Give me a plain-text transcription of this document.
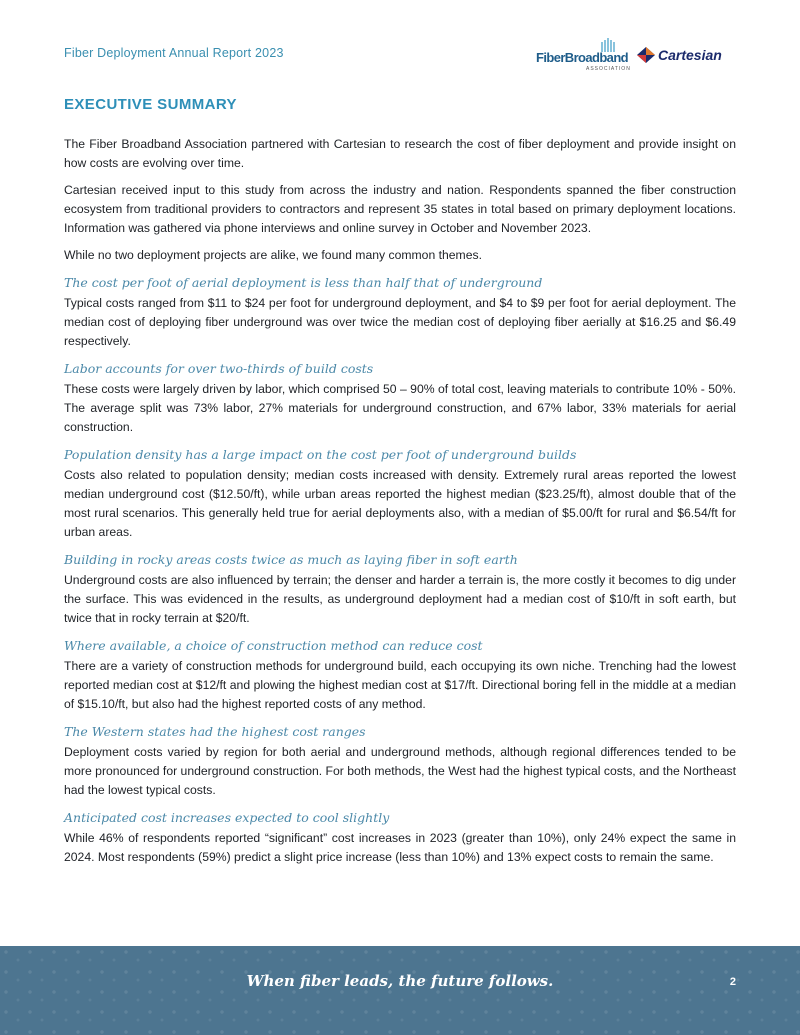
Fiber Deployment Annual Report 2023	FiberBroadband
ASSOCIATION
Cartesian
EXECUTIVE SUMMARY

The Fiber Broadband Association partnered with Cartesian to research the cost of fiber deployment and provide insight on how costs are evolving over time.

Cartesian received input to this study from across the industry and nation. Respondents spanned the fiber construction ecosystem from traditional providers to contractors and represent 35 states in total based on primary deployment locations. Information was gathered via phone interviews and online survey in October and November 2023.

While no two deployment projects are alike, we found many common themes.

The cost per foot of aerial deployment is less than half that of underground

Typical costs ranged from $11 to $24 per foot for underground deployment, and $4 to $9 per foot for aerial deployment. The median cost of deploying fiber underground was over twice the median cost of deploying fiber aerially at $16.25 and $6.49 respectively.

Labor accounts for over two-thirds of build costs

These costs were largely driven by labor, which comprised 50 – 90% of total cost, leaving materials to contribute 10% - 50%. The average split was 73% labor, 27% materials for underground construction, and 67% labor, 33% materials for aerial construction.

Population density has a large impact on the cost per foot of underground builds

Costs also related to population density; median costs increased with density. Extremely rural areas reported the lowest median underground cost ($12.50/ft), while urban areas reported the highest median ($23.25/ft), almost double that of the most rural scenarios. This generally held true for aerial deployments also, with a median of $5.00/ft for rural and $6.54/ft for urban areas.

Building in rocky areas costs twice as much as laying fiber in soft earth

Underground costs are also influenced by terrain; the denser and harder a terrain is, the more costly it becomes to dig under the surface. This was evidenced in the results, as underground deployment had a median cost of $10/ft in soft earth, but twice that in rocky terrain at $20/ft.

Where available, a choice of construction method can reduce cost

There are a variety of construction methods for underground build, each occupying its own niche. Trenching had the lowest reported median cost at $12/ft and plowing the highest median cost at $17/ft. Directional boring fell in the middle at a median of $15.10/ft, but also had the highest reported costs of any method.

The Western states had the highest cost ranges

Deployment costs varied by region for both aerial and underground methods, although regional differences tended to be more pronounced for underground construction. For both methods, the West had the highest typical costs, and the Northeast had the lowest typical costs.

Anticipated cost increases expected to cool slightly

While 46% of respondents reported “significant” cost increases in 2023 (greater than 10%), only 24% expect the same in 2024. Most respondents (59%) predict a slight price increase (less than 10%) and 13% expect costs to remain the same.

When fiber leads, the future follows.	2
